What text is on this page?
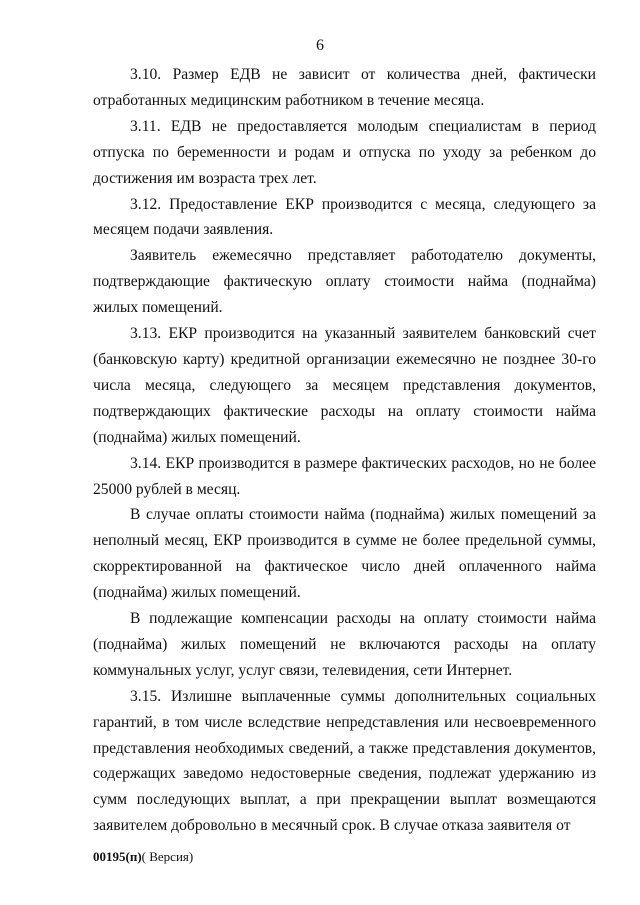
6

3.10. Размер ЕДВ не зависит от количества дней, фактически отработанных медицинским работником в течение месяца.

3.11. ЕДВ не предоставляется молодым специалистам в период отпуска по беременности и родам и отпуска по уходу за ребенком до достижения им возраста трех лет.

3.12. Предоставление ЕКР производится с месяца, следующего за месяцем подачи заявления.

Заявитель ежемесячно представляет работодателю документы, подтверждающие фактическую оплату стоимости найма (поднайма) жилых помещений.

3.13. ЕКР производится на указанный заявителем банковский счет (банковскую карту) кредитной организации ежемесячно не позднее 30-го числа месяца, следующего за месяцем представления документов, подтверждающих фактические расходы на оплату стоимости найма (поднайма) жилых помещений.

3.14. ЕКР производится в размере фактических расходов, но не более 25000 рублей в месяц.

В случае оплаты стоимости найма (поднайма) жилых помещений за неполный месяц, ЕКР производится в сумме не более предельной суммы, скорректированной на фактическое число дней оплаченного найма (поднайма) жилых помещений.

В подлежащие компенсации расходы на оплату стоимости найма (поднайма) жилых помещений не включаются расходы на оплату коммунальных услуг, услуг связи, телевидения, сети Интернет.

3.15. Излишне выплаченные суммы дополнительных социальных гарантий, в том числе вследствие непредставления или несвоевременного представления необходимых сведений, а также представления документов, содержащих заведомо недостоверные сведения, подлежат удержанию из сумм последующих выплат, а при прекращении выплат возмещаются заявителем добровольно в месячный срок. В случае отказа заявителя от

00195(п)( Версия)
